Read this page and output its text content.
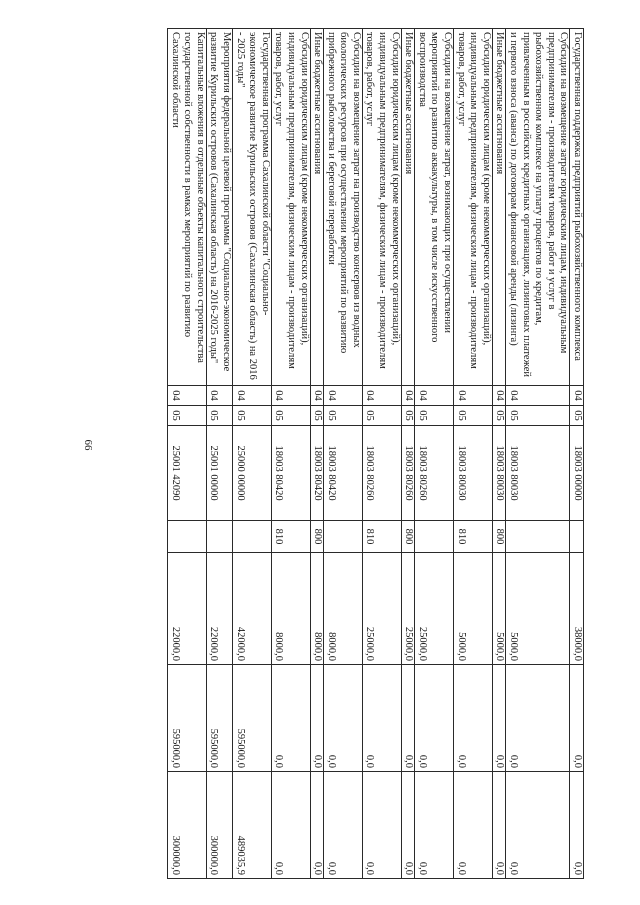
66
Государственная поддержка предприятий рыбохозяйственного комплекса	04	05	18003 00000		38000,0	0,0	0,0
Субсидии на возмещение затрат юридическим лицам, индивидуальным предпринимателям - производителям товаров, работ и услуг в рыбохозяйственном комплексе на уплату процентов по кредитам, привлеченным в российских кредитных организациях, лизинговых платежей и первого взноса (аванса) по договорам финансовой аренды (лизинга)	04	05	18003 80030		5000,0	0,0	0,0
Иные бюджетные ассигнования	04	05	18003 80030	800	5000,0	0,0	0,0
Субсидии юридическим лицам (кроме некоммерческих организаций), индивидуальным предпринимателям, физическим лицам - производителям товаров, работ, услуг	04	05	18003 80030	810	5000,0	0,0	0,0
Субсидии на возмещение затрат, возникающих при осуществлении мероприятий по развитию аквакультуры, в том числе искусственного воспроизводства	04	05	18003 80260		25000,0	0,0	0,0
Иные бюджетные ассигнования	04	05	18003 80260	800	25000,0	0,0	0,0
Субсидии юридическим лицам (кроме некоммерческих организаций), индивидуальным предпринимателям, физическим лицам - производителям товаров, работ, услуг	04	05	18003 80260	810	25000,0	0,0	0,0
Субсидии на возмещение затрат на производство консервов из водных биологических ресурсов при осуществлении мероприятий по развитию прибрежного рыболовства и береговой переработки	04	05	18003 80420		8000,0	0,0	0,0
Иные бюджетные ассигнования	04	05	18003 80420	800	8000,0	0,0	0,0
Субсидии юридическим лицам (кроме некоммерческих организаций), индивидуальным предпринимателям, физическим лицам - производителям товаров, работ, услуг	04	05	18003 80420	810	8000,0	0,0	0,0
Государственная программа Сахалинской области "Социально-экономическое развитие Курильских островов (Сахалинская область) на 2016 - 2025 годы"	04	05	25000 00000		42000,0	595000,0	489035,9
Мероприятия федеральной целевой программы "Социально-экономическое развитие Курильских островов (Сахалинская область) на 2016-2025 годы"	04	05	25001 00000		22000,0	595000,0	300000,0
Капитальные вложения в отдельные объекты капитального строительства государственной собственности в рамках мероприятий по развитию Сахалинской области	04	05	25001 42090		22000,0	595000,0	300000,0
